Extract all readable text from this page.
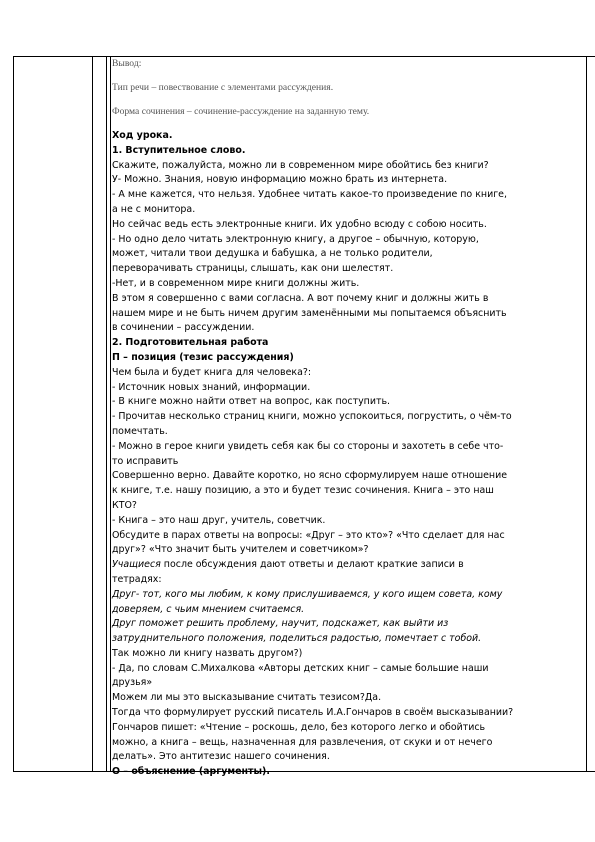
Вывод:

Тип речи – повествование с элементами рассуждения.

Форма сочинения – сочинение-рассуждение на заданную тему.

Ход урока.
1. Вступительное слово.
Скажите, пожалуйста, можно ли в современном мире обойтись без книги?
У- Можно. Знания, новую информацию можно брать из интернета.
- А мне кажется, что нельзя. Удобнее читать какое-то произведение по книге,
а не с монитора.
Но сейчас ведь есть электронные книги. Их удобно всюду с собою носить.
- Но одно дело читать электронную книгу, а другое – обычную, которую,
может, читали твои дедушка и бабушка, а не только родители,
переворачивать страницы, слышать, как они шелестят.
-Нет, и в современном мире книги должны жить.
В этом я совершенно с вами согласна. А вот почему книг и должны жить в
нашем мире и не быть ничем другим заменёнными мы попытаемся объяснить
в сочинении – рассуждении.
2. Подготовительная работа
П – позиция (тезис рассуждения)
Чем была и будет книга для человека?:
- Источник новых знаний, информации.
- В книге можно найти ответ на вопрос, как поступить.
- Прочитав несколько страниц книги, можно успокоиться, погрустить, о чём-то
помечтать.
- Можно в герое книги увидеть себя как бы со стороны и захотеть в себе что-
то исправить
Совершенно верно. Давайте коротко, но ясно сформулируем наше отношение
к книге, т.е. нашу позицию, а это и будет тезис сочинения. Книга – это наш
КТО?
- Книга – это наш друг, учитель, советчик.
Обсудите в парах ответы на вопросы: «Друг – это кто»? «Что сделает для нас
друг»? «Что значит быть учителем и советчиком»?
Учащиеся после обсуждения дают ответы и делают краткие записи в
тетрадях:
Друг- тот, кого мы любим, к кому прислушиваемся, у кого ищем совета, кому
доверяем, с чьим мнением считаемся.
Друг поможет решить проблему, научит, подскажет, как выйти из
затруднительного положения, поделиться радостью, помечтает с тобой.
Так можно ли книгу назвать другом?)
- Да, по словам С.Михалкова «Авторы детских книг – самые большие наши
друзья»
Можем ли мы это высказывание считать тезисом?Да.
Тогда что формулирует русский писатель И.А.Гончаров в своём высказывании?
Гончаров пишет: «Чтение – роскошь, дело, без которого легко и обойтись
можно, а книга – вещь, назначенная для развлечения, от скуки и от нечего
делать». Это антитезис нашего сочинения.
О – объяснение (аргументы).
